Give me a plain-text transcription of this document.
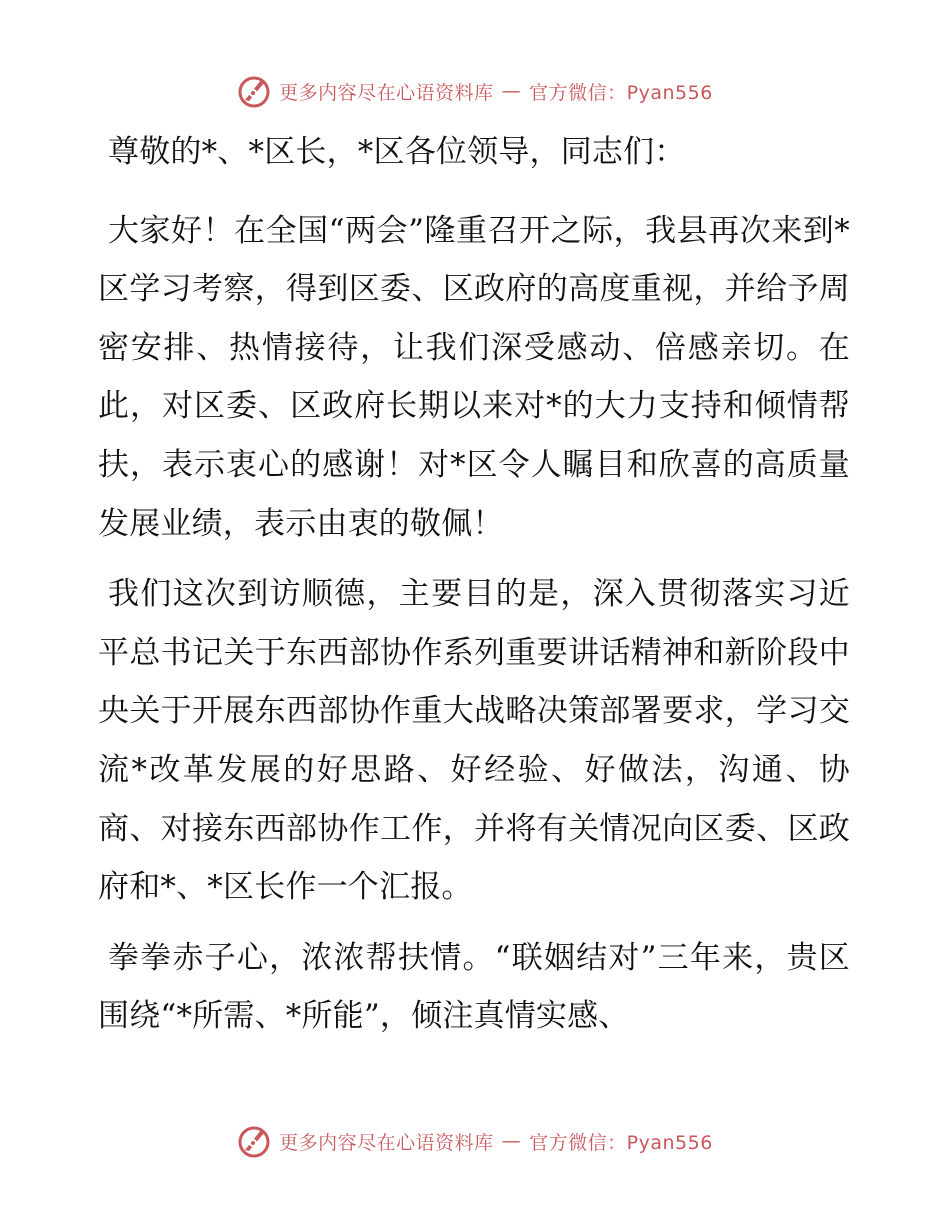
更多内容尽在心语资料库 — 官方微信：Pyan556

尊敬的*、*区长，*区各位领导，同志们：

大家好！在全国“两会”隆重召开之际，我县再次来到*区学习考察，得到区委、区政府的高度重视，并给予周密安排、热情接待，让我们深受感动、倍感亲切。在此，对区委、区政府长期以来对*的大力支持和倾情帮扶，表示衷心的感谢！对*区令人瞩目和欣喜的高质量发展业绩，表示由衷的敬佩！

我们这次到访顺德，主要目的是，深入贯彻落实习近平总书记关于东西部协作系列重要讲话精神和新阶段中央关于开展东西部协作重大战略决策部署要求，学习交流*改革发展的好思路、好经验、好做法，沟通、协商、对接东西部协作工作，并将有关情况向区委、区政府和*、*区长作一个汇报。

拳拳赤子心，浓浓帮扶情。“联姻结对”三年来，贵区围绕“*所需、*所能”，倾注真情实感、

更多内容尽在心语资料库 — 官方微信：Pyan556
